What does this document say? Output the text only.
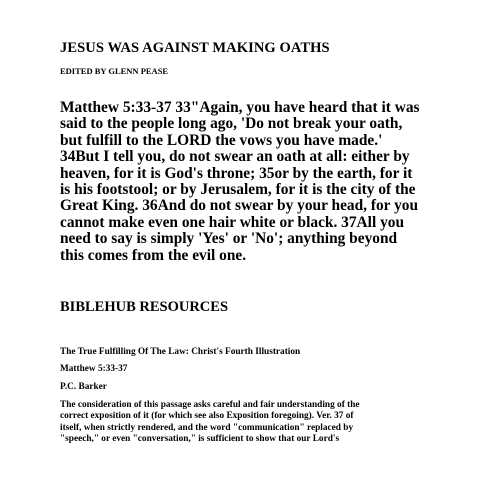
JESUS WAS AGAINST MAKING OATHS
EDITED BY GLENN PEASE
Matthew 5:33-37 33"Again, you have heard that it was
said to the people long ago, 'Do not break your oath,
but fulfill to the LORD the vows you have made.'
34But I tell you, do not swear an oath at all: either by
heaven, for it is God's throne; 35or by the earth, for it
is his footstool; or by Jerusalem, for it is the city of the
Great King. 36And do not swear by your head, for you
cannot make even one hair white or black. 37All you
need to say is simply 'Yes' or 'No'; anything beyond
this comes from the evil one.
BIBLEHUB RESOURCES
The True Fulfilling Of The Law: Christ's Fourth Illustration
Matthew 5:33-37
P.C. Barker
The consideration of this passage asks careful and fair understanding of the
correct exposition of it (for which see also Exposition foregoing). Ver. 37 of
itself, when strictly rendered, and the word "communication" replaced by
"speech," or even "conversation," is sufficient to show that our Lord's
